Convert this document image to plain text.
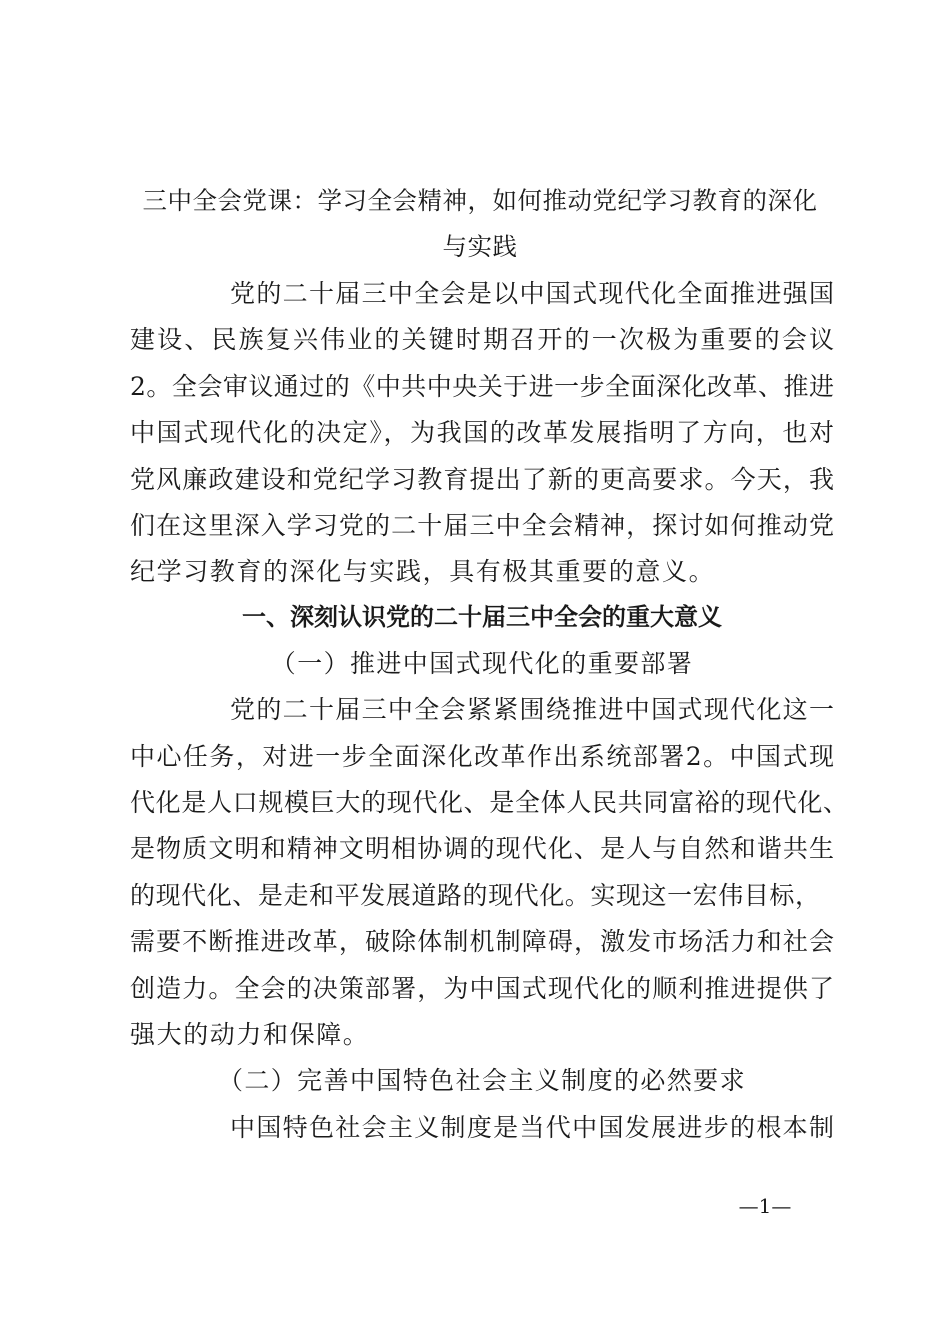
三中全会党课：学习全会精神，如何推动党纪学习教育的深化
与实践
党的二十届三中全会是以中国式现代化全面推进强国
建设、民族复兴伟业的关键时期召开的一次极为重要的会议
2。全会审议通过的《中共中央关于进一步全面深化改革、推进
中国式现代化的决定》，为我国的改革发展指明了方向，也对
党风廉政建设和党纪学习教育提出了新的更高要求。今天，我
们在这里深入学习党的二十届三中全会精神，探讨如何推动党
纪学习教育的深化与实践，具有极其重要的意义。
一、深刻认识党的二十届三中全会的重大意义
（一）推进中国式现代化的重要部署
党的二十届三中全会紧紧围绕推进中国式现代化这一
中心任务，对进一步全面深化改革作出系统部署2。中国式现
代化是人口规模巨大的现代化、是全体人民共同富裕的现代化、
是物质文明和精神文明相协调的现代化、是人与自然和谐共生
的现代化、是走和平发展道路的现代化。实现这一宏伟目标，
需要不断推进改革，破除体制机制障碍，激发市场活力和社会
创造力。全会的决策部署，为中国式现代化的顺利推进提供了
强大的动力和保障。
（二）完善中国特色社会主义制度的必然要求
中国特色社会主义制度是当代中国发展进步的根本制
—1—
